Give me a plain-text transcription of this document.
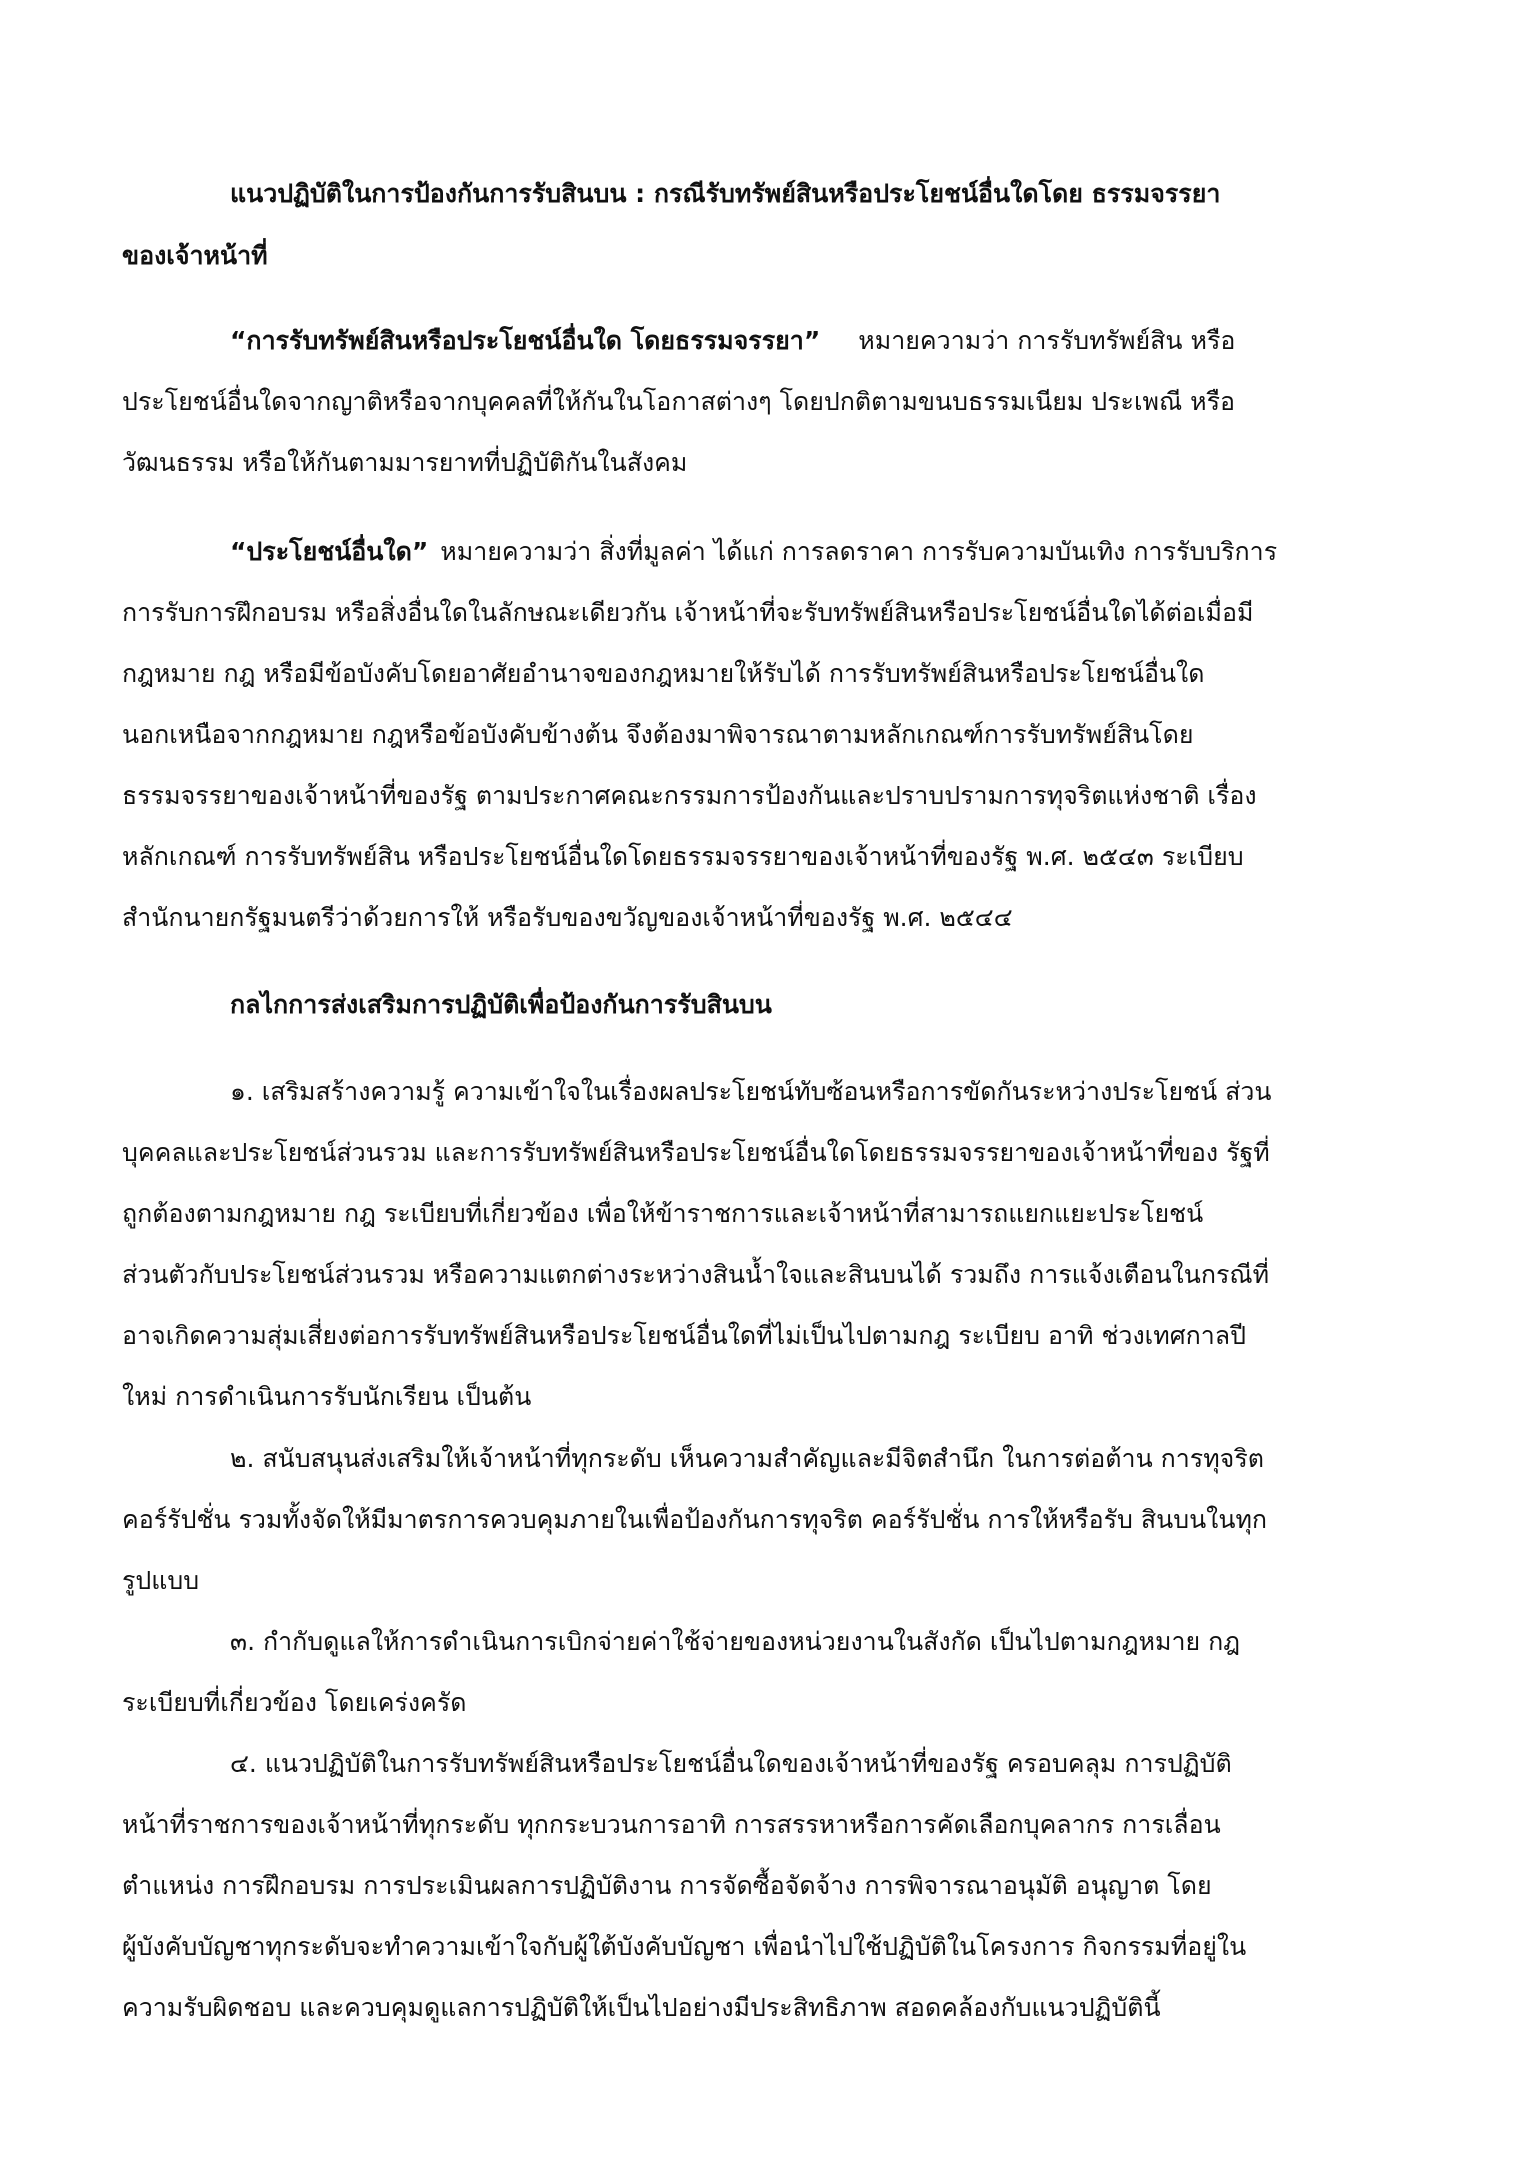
แนวปฏิบัติในการป้องกันการรับสินบน : กรณีรับทรัพย์สินหรือประโยชน์อื่นใดโดย ธรรมจรรยา
ของเจ้าหน้าที่
“การรับทรัพย์สินหรือประโยชน์อื่นใด โดยธรรมจรรยา” หมายความว่า การรับทรัพย์สิน หรือ
ประโยชน์อื่นใดจากญาติหรือจากบุคคลที่ให้กันในโอกาสต่างๆ โดยปกติตามขนบธรรมเนียม ประเพณี หรือ
วัฒนธรรม หรือให้กันตามมารยาทที่ปฏิบัติกันในสังคม
“ประโยชน์อื่นใด” หมายความว่า สิ่งที่มูลค่า ได้แก่ การลดราคา การรับความบันเทิง การรับบริการ
การรับการฝึกอบรม หรือสิ่งอื่นใดในลักษณะเดียวกัน เจ้าหน้าที่จะรับทรัพย์สินหรือประโยชน์อื่นใดได้ต่อเมื่อมี
กฎหมาย กฎ หรือมีข้อบังคับโดยอาศัยอำนาจของกฎหมายให้รับได้ การรับทรัพย์สินหรือประโยชน์อื่นใด
นอกเหนือจากกฎหมาย กฎหรือข้อบังคับข้างต้น จึงต้องมาพิจารณาตามหลักเกณฑ์การรับทรัพย์สินโดย
ธรรมจรรยาของเจ้าหน้าที่ของรัฐ ตามประกาศคณะกรรมการป้องกันและปราบปรามการทุจริตแห่งชาติ เรื่อง
หลักเกณฑ์ การรับทรัพย์สิน หรือประโยชน์อื่นใดโดยธรรมจรรยาของเจ้าหน้าที่ของรัฐ พ.ศ. ๒๕๔๓ ระเบียบ
สำนักนายกรัฐมนตรีว่าด้วยการให้ หรือรับของขวัญของเจ้าหน้าที่ของรัฐ พ.ศ. ๒๕๔๔
กลไกการส่งเสริมการปฏิบัติเพื่อป้องกันการรับสินบน
๑. เสริมสร้างความรู้ ความเข้าใจในเรื่องผลประโยชน์ทับซ้อนหรือการขัดกันระหว่างประโยชน์ ส่วน
บุคคลและประโยชน์ส่วนรวม และการรับทรัพย์สินหรือประโยชน์อื่นใดโดยธรรมจรรยาของเจ้าหน้าที่ของ รัฐที่
ถูกต้องตามกฎหมาย กฎ ระเบียบที่เกี่ยวข้อง เพื่อให้ข้าราชการและเจ้าหน้าที่สามารถแยกแยะประโยชน์
ส่วนตัวกับประโยชน์ส่วนรวม หรือความแตกต่างระหว่างสินน้ำใจและสินบนได้ รวมถึง การแจ้งเตือนในกรณีที่
อาจเกิดความสุ่มเสี่ยงต่อการรับทรัพย์สินหรือประโยชน์อื่นใดที่ไม่เป็นไปตามกฎ ระเบียบ อาทิ ช่วงเทศกาลปี
ใหม่ การดำเนินการรับนักเรียน เป็นต้น
๒. สนับสนุนส่งเสริมให้เจ้าหน้าที่ทุกระดับ เห็นความสำคัญและมีจิตสำนึก ในการต่อต้าน การทุจริต
คอร์รัปชั่น รวมทั้งจัดให้มีมาตรการควบคุมภายในเพื่อป้องกันการทุจริต คอร์รัปชั่น การให้หรือรับ สินบนในทุก
รูปแบบ
๓. กำกับดูแลให้การดำเนินการเบิกจ่ายค่าใช้จ่ายของหน่วยงานในสังกัด เป็นไปตามกฎหมาย กฎ
ระเบียบที่เกี่ยวข้อง โดยเคร่งครัด
๔. แนวปฏิบัติในการรับทรัพย์สินหรือประโยชน์อื่นใดของเจ้าหน้าที่ของรัฐ ครอบคลุม การปฏิบัติ
หน้าที่ราชการของเจ้าหน้าที่ทุกระดับ ทุกกระบวนการอาทิ การสรรหาหรือการคัดเลือกบุคลากร การเลื่อน
ตำแหน่ง การฝึกอบรม การประเมินผลการปฏิบัติงาน การจัดซื้อจัดจ้าง การพิจารณาอนุมัติ อนุญาต โดย
ผู้บังคับบัญชาทุกระดับจะทำความเข้าใจกับผู้ใต้บังคับบัญชา เพื่อนำไปใช้ปฏิบัติในโครงการ กิจกรรมที่อยู่ใน
ความรับผิดชอบ และควบคุมดูแลการปฏิบัติให้เป็นไปอย่างมีประสิทธิภาพ สอดคล้องกับแนวปฏิบัตินี้
